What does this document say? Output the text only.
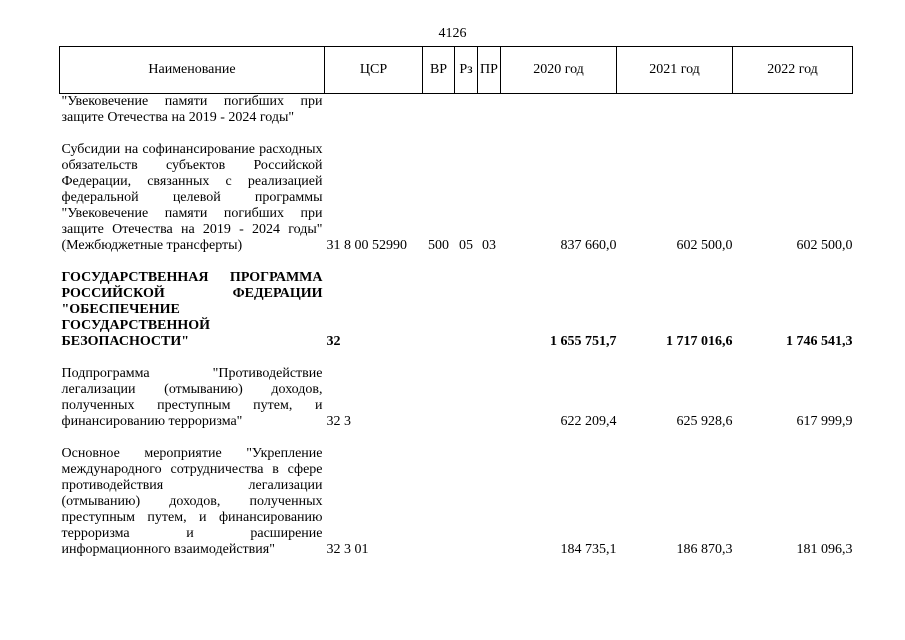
4126
Наименование	ЦСР	ВР	Рз	ПР	2020 год	2021 год	2022 год
"Увековечение памяти погибших при защите Отечества на 2019 - 2024 годы"							
Субсидии на софинансирование расходных обязательств субъектов Российской Федерации, связанных с реализацией федеральной целевой программы "Увековечение памяти погибших при защите Отечества на 2019 - 2024 годы" (Межбюджетные трансферты)	31 8 00 52990	500	05	03	837 660,0	602 500,0	602 500,0
ГОСУДАРСТВЕННАЯ ПРОГРАММА РОССИЙСКОЙ ФЕДЕРАЦИИ "ОБЕСПЕЧЕНИЕ ГОСУДАРСТВЕННОЙ БЕЗОПАСНОСТИ"	32				1 655 751,7	1 717 016,6	1 746 541,3
Подпрограмма "Противодействие легализации (отмыванию) доходов, полученных преступным путем, и финансированию терроризма"	32 3				622 209,4	625 928,6	617 999,9
Основное мероприятие "Укрепление международного сотрудничества в сфере противодействия легализации (отмыванию) доходов, полученных преступным путем, и финансированию терроризма и расширение информационного взаимодействия"	32 3 01				184 735,1	186 870,3	181 096,3
